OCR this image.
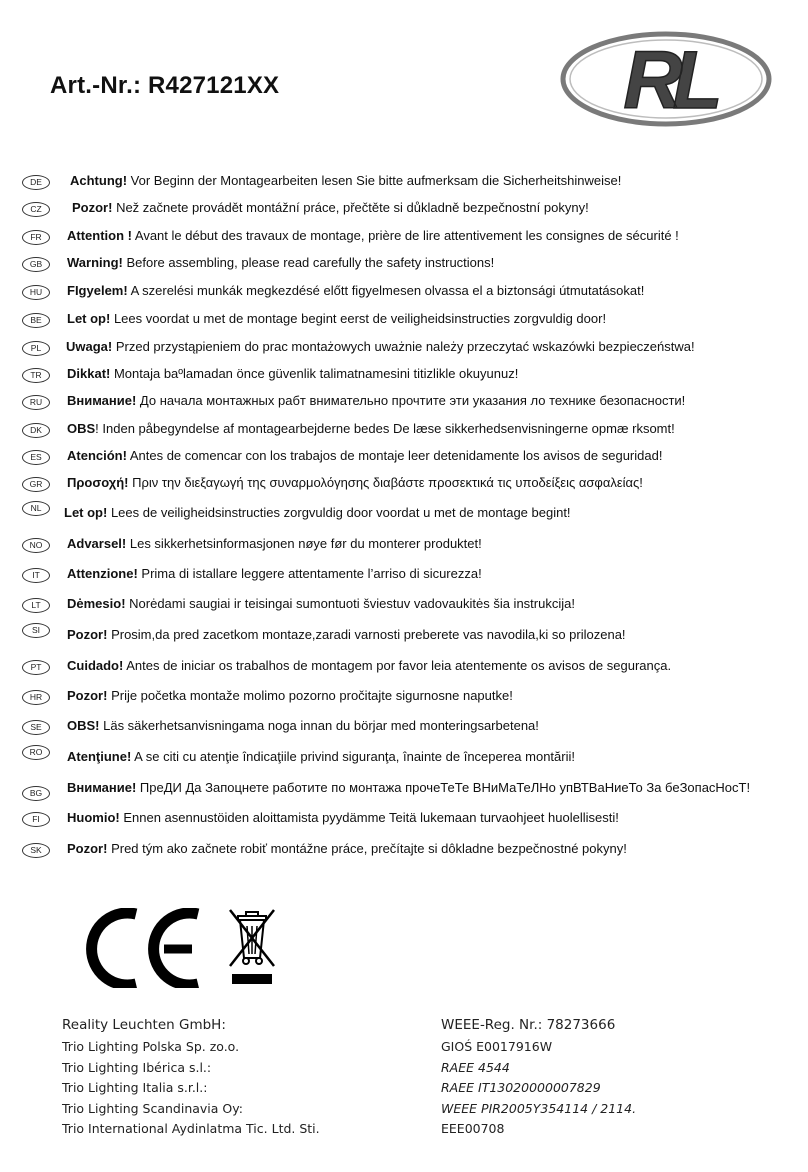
Art.-Nr.: R427121XX	RL
DE	Achtung! Vor Beginn der Montagearbeiten lesen Sie bitte aufmerksam die Sicherheitshinweise!
CZ	Pozor! Než začnete provádět montážní práce, přečtěte si důkladně bezpečnostní pokyny!
FR	Attention ! Avant le début des travaux de montage, prière de lire attentivement les consignes de sécurité !
GB	Warning! Before assembling, please read carefully the safety instructions!
HU	FIgyelem! A szerelési munkák megkezdésé előtt figyelmesen olvassa el a biztonsági útmutatásokat!
BE	Let op! Lees voordat u met de montage begint eerst de veiligheidsinstructies zorgvuldig door!
PL	Uwaga! Przed przystąpieniem do prac montażowych uważnie należy przeczytać wskazówki bezpieczeństwa!
TR	Dikkat! Montaja baºlamadan önce güvenlik talimatnamesini titizlikle okuyunuz!
RU	Внимание! До начала монтажных рабт внимательно прочтите эти указания ло технике безопасности!
DK	OBS! Inden påbegyndelse af montagearbejderne bedes De læse sikkerhedsenvisningerne opmæ rksomt!
ES	Atención! Antes de comencar con los trabajos de montaje leer detenidamente los avisos de seguridad!
GR	Προσοχή! Πριν την διεξαγωγή της συναρμολόγησης διαβάστε προσεκτικά τις υποδείξεις ασφαλείας!
NL	Let op! Lees de veiligheidsinstructies zorgvuldig door voordat u met de montage begint!
NO	Advarsel! Les sikkerhetsinformasjonen nøye før du monterer produktet!
IT	Attenzione! Prima di istallare leggere attentamente l’arriso di sicurezza!
LT	Dėmesio! Norėdami saugiai ir teisingai sumontuoti šviestuv vadovaukitės šia instrukcija!
SI	Pozor! Prosim,da pred zacetkom montaze,zaradi varnosti preberete vas navodila,ki so prilozena!
PT	Cuidado! Antes de iniciar os trabalhos de montagem por favor leia atentemente os avisos de segurança.
HR	Pozor! Prije početka montaže molimo pozorno pročitajte sigurnosne naputke!
SE	OBS! Läs säkerhetsanvisningama noga innan du börjar med monteringsarbetena!
RO	Atenţiune! A se citi cu atenţie îndicaţiile privind siguranţa, înainte de începerea montării!
BG	Внимание! ПреДИ Да Запоцнете работите по монтажа прочеТеТе ВНиМаТеЛНо упВТВаНиеТо За беЗопасНосТ!
FI	Huomio! Ennen asennustöiden aloittamista pyydämme Teitä lukemaan turvaohjeet huolellisesti!
SK	Pozor! Pred tým ako začnete robiť montážne práce, prečítajte si dôkladne bezpečnostné pokyny!
Reality Leuchten GmbH:	WEEE-Reg. Nr.: 78273666
Trio Lighting Polska Sp. zo.o.	GIOŚ E0017916W
Trio Lighting Ibérica s.l.:	RAEE 4544
Trio Lighting Italia s.r.l.:	RAEE IT13020000007829
Trio Lighting Scandinavia Oy:	WEEE PIR2005Y354114 / 2114.
Trio International Aydinlatma Tic. Ltd. Sti.	EEE00708
